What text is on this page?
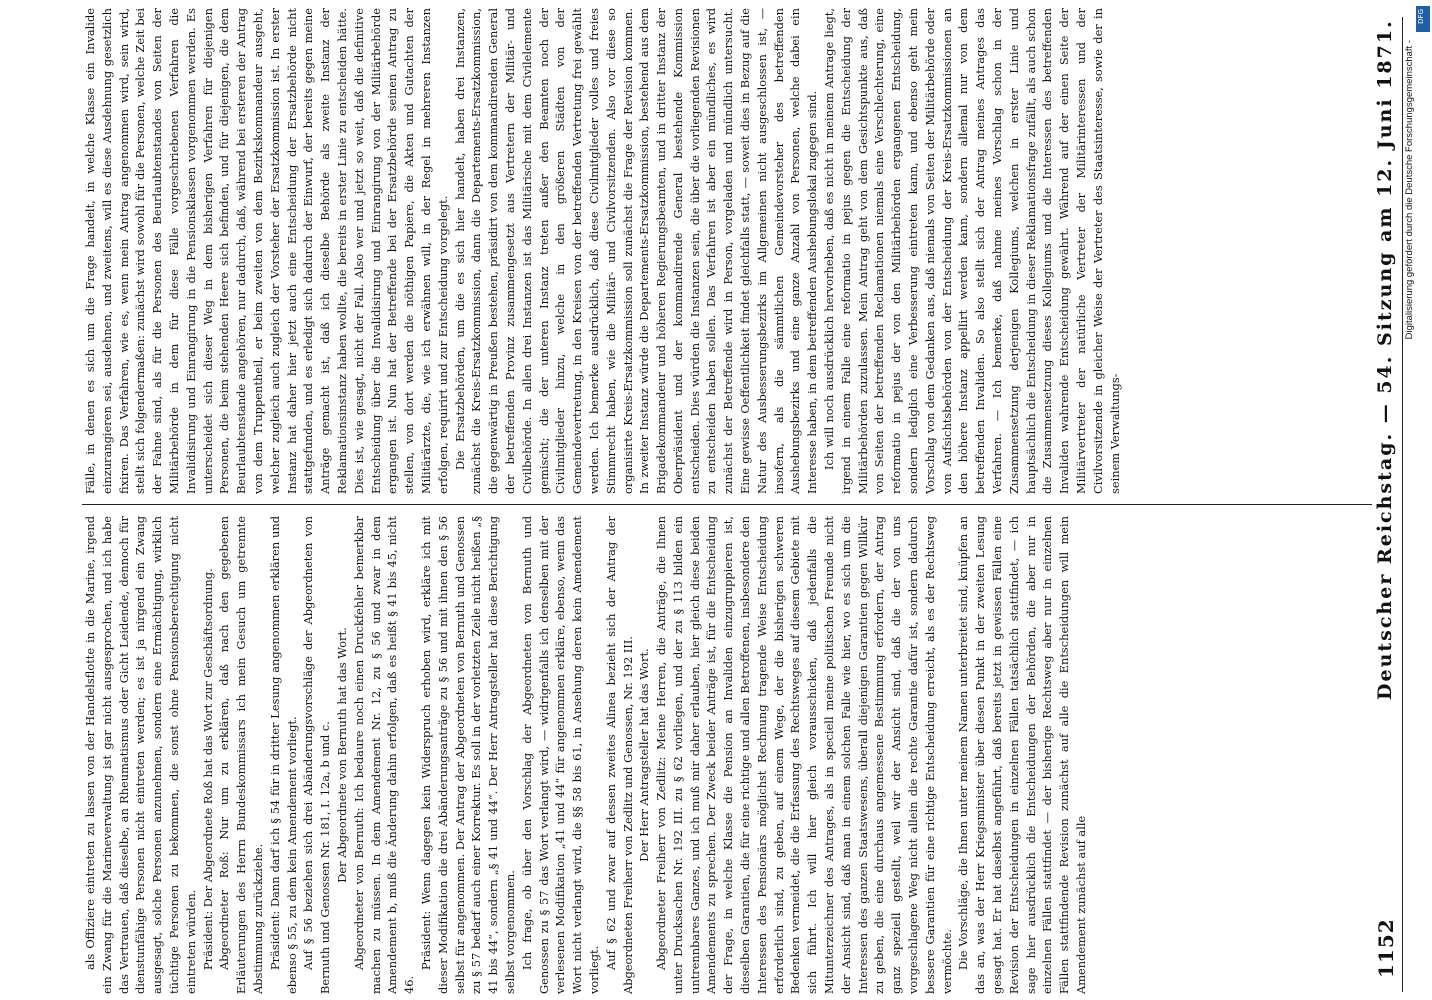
1152
Deutscher Reichstag. — 54. Sitzung am 12. Juni 1871.

als Offiziere eintreten zu lassen von der Handelsflotte in die Marine, irgend ein Zwang für die Marineverwaltung ist gar nicht ausgesprochen, und ich habe das Vertrauen, daß dieselbe, an Rheumatismus oder Gicht Leidende, dennoch für dienstunfähige Personen nicht eintreten werden; es ist ja nirgend ein Zwang ausgesagt, solche Personen anzunehmen, sondern eine Ermächtigung, wirklich tüchtige Personen zu bekommen, die sonst ohne Pensionsberechtigung nicht eintreten würden. Präsident: Der Abgeordnete Roß hat das Wort zur Geschäftsordnung. Abgeordneter Roß: Nur um zu erklären, daß nach den gegebenen Erläuterungen des Herrn Bundeskommissars ich mein Gesuch um getrennte Abstimmung zurückziehe. Präsident: Dann darf ich § 54 für in dritter Lesung angenommen erklären und ebenso § 55, zu dem kein Amendement vorliegt. Auf § 56 beziehen sich drei Abänderungsvorschläge der Abgeordneten von Bernuth und Genossen Nr. 181, I. 12a, b und c. Der Abgeordnete von Bernuth hat das Wort. Abgeordneter von Bernuth: Ich bedaure noch einen Druckfehler bemerkbar machen zu müssen. In dem Amendement Nr. 12, zu § 56 und zwar in dem Amendement b, muß die Änderung dahin erfolgen, daß es heißt § 41 bis 45, nicht 46.

Präsident: Wenn dagegen kein Widerspruch erhoben wird, erkläre ich mit dieser Modifikation die drei Abänderungsanträge zu § 56 und mit ihnen den § 56 selbst für angenommen. Der Antrag der Abgeordneten von Bernuth und Genossen zu § 57 bedarf auch einer Korrektur. Es soll in der vorletzten Zeile nicht heißen „§ 41 bis 44“, sondern „§ 41 und 44“. Der Herr Antragsteller hat diese Berichtigung selbst vorgenommen. Ich frage, ob über den Vorschlag der Abgeordneten von Bernuth und Genossen zu § 57 das Wort verlangt wird, — widrigenfalls ich denselben mit der verlesenen Modifikation „41 und 44“ für angenommen erkläre, ebenso, wenn das Wort nicht verlangt wird, die §§ 58 bis 61, in Ansehung deren kein Amendement vorliegt. Auf § 62 und zwar auf dessen zweites Alinea bezieht sich der Antrag der Abgeordneten Freiherr von Zedlitz und Genossen, Nr. 192 III. Der Herr Antragsteller hat das Wort. Abgeordneter Freiherr von Zedlitz: Meine Herren, die Anträge, die Ihnen unter Drucksachen Nr. 192 III. zu § 62 vorliegen, und der zu § 113 bilden ein untrennbares Ganzes, und ich muß mir daher erlauben, hier gleich diese beiden Amendements zu sprechen. Der Zweck beider Anträge ist, für die Entscheidung der Frage, in welche Klasse die Pension an Invaliden einzugruppieren ist, dieselben Garantien, die für eine richtige und allen Betroffenen, insbesondere den Interessen des Pensionärs möglichst Rechnung tragende Weise Entscheidung erforderlich sind, zu geben, auf einem Wege, der die bisherigen schweren Bedenken vermeidet, die die Erfassung des Rechtsweges auf diesem Gebiete mit sich führt. Ich will hier gleich vorausschicken, daß jedenfalls die Mitunterzeichner des Antrages, als in speciell meine politischen Freunde nicht der Ansicht sind, daß man in einem solchen Falle wie hier, wo es sich um die Interessen des ganzen Staatswesens, überall diejenigen Garantien gegen Willkür zu geben, die eine durchaus angemessene Bestimmung erfordern, der Antrag ganz speziell gestellt, weil wir der Ansicht sind, daß die der von uns vorgeschlagene Weg nicht allein die rechte Garantie dafür ist, sondern dadurch bessere Garantien für eine richtige Entscheidung erreicht, als es der Rechtsweg vermöchte. Die Vorschläge, die Ihnen unter meinem Namen unterbreitet sind, knüpfen an das an, was der Herr Kriegsminister über diesen Punkt in der zweiten Lesung gesagt hat. Er hat daselbst angeführt, daß bereits jetzt in gewissen Fällen eine Revision der Entscheidungen in einzelnen Fällen tatsächlich stattfindet, — ich sage hier ausdrücklich die Entscheidungen der Behörden, die aber nur in einzelnen Fällen stattfindet — der bisherige Rechtsweg aber nur in einzelnen Fällen stattfindende Revision zunächst auf alle die Entscheidungen will mein Amendement zunächst auf alle

Fälle, in denen es sich um die Frage handelt, in welche Klasse ein Invalide einzurangieren sei, ausdehnen, und zweitens, will es diese Ausdehnung gesetzlich fixiren. Das Verfahren, wie es, wenn mein Antrag angenommen wird, sein wird, stellt sich folgendermaßen: zunächst wird sowohl für die Personen, welche Zeit bei der Fahne sind, als für die Personen des Beurlaubtenstandes von Seiten der Militärbehörde in dem für diese Fälle vorgeschriebenen Verfahren die Invalidisirung und Einrangirung in die Pensionsklassen vorgenommen werden. Es unterscheidet sich dieser Weg in dem bisherigen Verfahren für diejenigen Personen, die beim stehenden Heere sich befinden, und für diejenigen, die dem Beurlaubtenstande angehören, nur dadurch, daß, während bei ersteren der Antrag von dem Truppentheil, er beim zweiten von dem Bezirkskommandeur ausgeht, welcher zugleich auch zugleich der Vorsteher der Ersatzkommission ist. In erster Instanz hat daher hier jetzt auch eine Entscheidung der Ersatzbehörde nicht stattgefunden, und es erledigt sich dadurch der Einwurf, der bereits gegen meine Anträge gemacht ist, daß ich dieselbe Behörde als zweite Instanz der Reklamationsinstanz haben wollte, die bereits in erster Linie zu entscheiden hätte. Dies ist, wie gesagt, nicht der Fall. Also wer und jetzt so weit, daß die definitive Entscheidung über die Invalidisirung und Einrangirung von der Militärbehörde ergangen ist. Nun hat der Betreffende bei der Ersatzbehörde seinen Antrag zu stellen, von dort werden die nöthigen Papiere, die Akten und Gutachten der Militärärzte, die, wie ich erwähnen will, in der Regel in mehreren Instanzen erfolgen, requirirt und zur Entscheidung vorgelegt. Die Ersatzbehörden, um die es sich hier handelt, haben drei Instanzen, zunächst die Kreis-Ersatzkommission, dann die Departements-Ersatzkommission, die gegenwärtig in Preußen bestehen, präsidirt von dem kommandirenden General der betreffenden Provinz zusammengesetzt aus Vertretern der Militär- und Civilbehörde. In allen drei Instanzen ist das Militärische mit dem Civilelemente gemischt; die der unteren Instanz treten außer den Beamten noch der Civilmitglieder hinzu, welche in den größeren Städten von der Gemeindevertretung, in den Kreisen von der betreffenden Vertretung frei gewählt werden. Ich bemerke ausdrücklich, daß diese Civilmitglieder volles und freies Stimmrecht haben, wie die Militär- und Civilvorsitzenden. Also vor diese so organisirte Kreis-Ersatzkommission soll zunächst die Frage der Revision kommen. In zweiter Instanz würde die Departements-Ersatzkommission, bestehend aus dem Brigadekommandeur und höheren Regierungsbeamten, und in dritter Instanz der Oberpräsident und der kommandirende General bestehende Kommission entscheiden. Dies würden die Instanzen sein, die über die vorliegenden Revisionen zu entscheiden haben sollen. Das Verfahren ist aber ein mündliches, es wird zunächst der Betreffende wird in Person, vorgeladen und mündlich untersucht. Eine gewisse Oeffentlichkeit findet gleichfalls statt, — soweit dies in Bezug auf die Natur des Ausbesserungsbezirks im Allgemeinen nicht ausgeschlossen ist, — insofern, als die sämmtlichen Gemeindevorsteher des betreffenden Aushebungsbezirks und eine ganze Anzahl von Personen, welche dabei ein Interesse haben, in dem betreffenden Aushebungslokal zugegen sind. Ich will noch ausdrücklich hervorheben, daß es nicht in meinem Antrage liegt, irgend in einem Falle eine reformatio in pejus gegen die Entscheidung der Militärbehörden zuzulassen. Mein Antrag geht von dem Gesichtspunkte aus, daß von Seiten der betreffenden Reclamationen niemals eine Verschlechterung, eine reformatio in pejus der von den Militärbehörden ergangenen Entscheidung, sondern lediglich eine Verbesserung eintreten kann, und ebenso geht mein Vorschlag von dem Gedanken aus, daß niemals von Seiten der Militärbehörde oder von Aufsichtsbehörden von der Entscheidung der Kreis-Ersatzkommissionen an den höhere Instanz appellirt werden kann, sondern allemal nur von dem betreffenden Invaliden. So also stellt sich der Antrag meines Antrages das Verfahren. — Ich bemerke, daß nahme meines Vorschlag schon in der Zusammensetzung derjenigen Kollegiums, welchen in erster Linie und hauptsächlich die Entscheidung in dieser Reklamationsfrage zufällt, als auch schon die Zusammensetzung dieses Kollegiums und die Interessen des betreffenden Invaliden wahrende Entscheidung gewährt. Während auf der einen Seite der Militärvertreter der natürliche Vertreter der Militärinteressen und der Civilvorsitzende in gleicher Weise der Vertreter des Staatsinteresse, sowie der in seinem Verwaltungs-

DFG
Digitalisierung gefördert durch die Deutsche Forschungsgemeinschaft -
